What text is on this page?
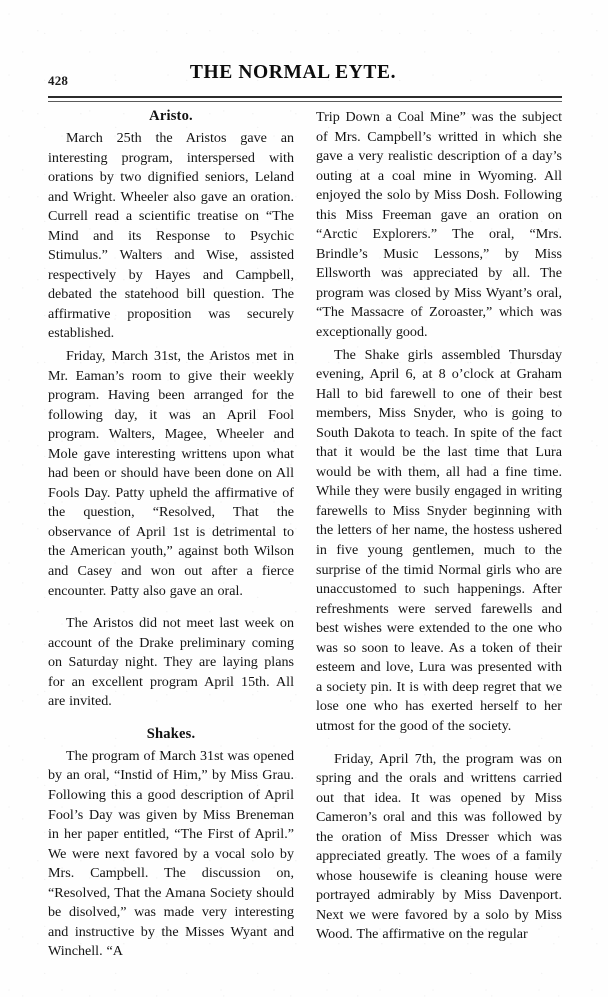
428	THE NORMAL EYTE.
Aristo.

March 25th the Aristos gave an interesting program, interspersed with orations by two dignified seniors, Leland and Wright. Wheeler also gave an oration. Currell read a scientific treatise on “The Mind and its Response to Psychic Stimulus.” Walters and Wise, assisted respectively by Hayes and Campbell, debated the statehood bill question. The affirmative proposition was securely established.

Friday, March 31st, the Aristos met in Mr. Eaman’s room to give their weekly program. Having been arranged for the following day, it was an April Fool program. Walters, Magee, Wheeler and Mole gave interesting writtens upon what had been or should have been done on All Fools Day. Patty upheld the affirmative of the question, “Resolved, That the observance of April 1st is detrimental to the American youth,” against both Wilson and Casey and won out after a fierce encounter. Patty also gave an oral.

The Aristos did not meet last week on account of the Drake preliminary coming on Saturday night. They are laying plans for an excellent program April 15th. All are invited.

Shakes.

The program of March 31st was opened by an oral, “Instid of Him,” by Miss Grau. Following this a good description of April Fool’s Day was given by Miss Breneman in her paper entitled, “The First of April.” We were next favored by a vocal solo by Mrs. Campbell. The discussion on, “Resolved, That the Amana Society should be disolved,” was made very interesting and instructive by the Misses Wyant and Winchell. “A

Trip Down a Coal Mine” was the subject of Mrs. Campbell’s writted in which she gave a very realistic description of a day’s outing at a coal mine in Wyoming. All enjoyed the solo by Miss Dosh. Following this Miss Freeman gave an oration on “Arctic Explorers.” The oral, “Mrs. Brindle’s Music Lessons,” by Miss Ellsworth was appreciated by all. The program was closed by Miss Wyant’s oral, “The Massacre of Zoroaster,” which was exceptionally good.

The Shake girls assembled Thursday evening, April 6, at 8 o’clock at Graham Hall to bid farewell to one of their best members, Miss Snyder, who is going to South Dakota to teach. In spite of the fact that it would be the last time that Lura would be with them, all had a fine time. While they were busily engaged in writing farewells to Miss Snyder beginning with the letters of her name, the hostess ushered in five young gentlemen, much to the surprise of the timid Normal girls who are unaccustomed to such happenings. After refreshments were served farewells and best wishes were extended to the one who was so soon to leave. As a token of their esteem and love, Lura was presented with a society pin. It is with deep regret that we lose one who has exerted herself to her utmost for the good of the society.

Friday, April 7th, the program was on spring and the orals and writtens carried out that idea. It was opened by Miss Cameron’s oral and this was followed by the oration of Miss Dresser which was appreciated greatly. The woes of a family whose housewife is cleaning house were portrayed admirably by Miss Davenport. Next we were favored by a solo by Miss Wood. The affirmative on the regular
